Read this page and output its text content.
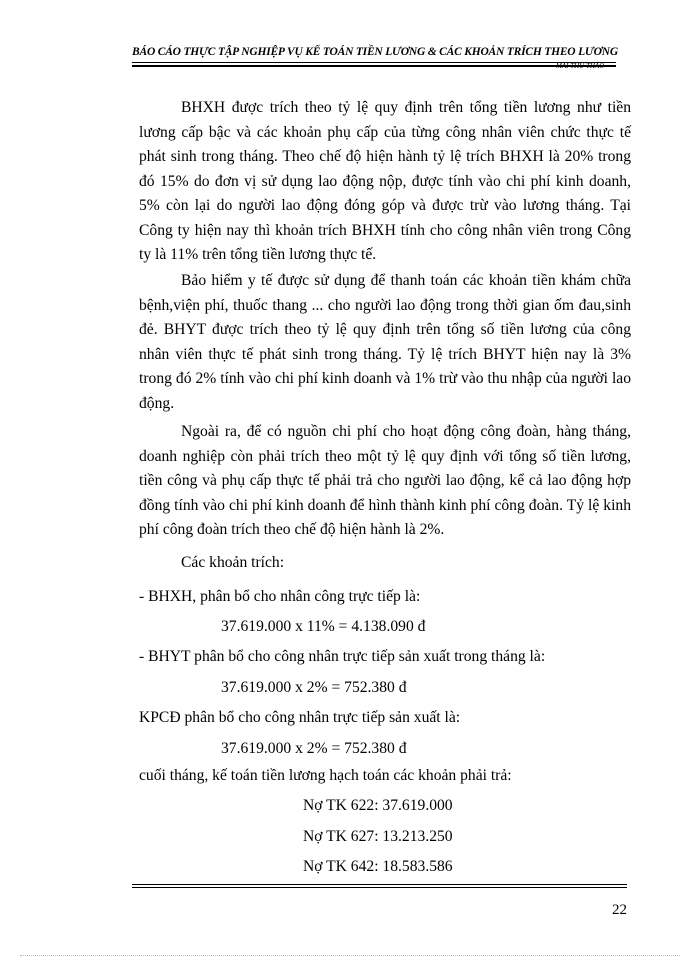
BÁO CÁO THỰC TẬP NGHIỆP VỤ KẾ TOÁN TIỀN LƯƠNG & CÁC KHOẢN TRÍCH THEO LƯƠNG
MAI THU THẢO

BHXH được trích theo tỷ lệ quy định trên tổng tiền lương như tiền lương cấp bậc và các khoản phụ cấp của từng công nhân viên chức thực tế phát sinh trong tháng. Theo chế độ hiện hành tỷ lệ trích BHXH là 20% trong đó 15% do đơn vị sử dụng lao động nộp, được tính vào chi phí kinh doanh, 5% còn lại do người lao động đóng góp và được trừ vào lương tháng. Tại Công ty hiện nay thì khoản trích BHXH tính cho công nhân viên trong Công ty là 11% trên tổng tiền lương thực tế.

Bảo hiểm y tế được sử dụng để thanh toán các khoản tiền khám chữa bệnh,viện phí, thuốc thang ... cho người lao động trong thời gian ốm đau,sinh đẻ. BHYT được trích theo tỷ lệ quy định trên tổng số tiền lương của công nhân viên thực tế phát sinh trong tháng. Tỷ lệ trích BHYT hiện nay là 3% trong đó 2% tính vào chi phí kinh doanh và 1% trừ vào thu nhập của người lao động.

Ngoài ra, để có nguồn chi phí cho hoạt động công đoàn, hàng tháng, doanh nghiệp còn phải trích theo một tỷ lệ quy định với tổng số tiền lương, tiền công và phụ cấp thực tế phải trả cho người lao động, kể cả lao động hợp đồng tính vào chi phí kinh doanh để hình thành kinh phí công đoàn. Tỷ lệ kinh phí công đoàn trích theo chế độ hiện hành là 2%.

Các khoản trích:
- BHXH, phân bổ cho nhân công trực tiếp là:
37.619.000 x 11% = 4.138.090 đ
- BHYT phân bổ cho công nhân trực tiếp sản xuất trong tháng là:
37.619.000 x 2% = 752.380 đ
KPCĐ phân bổ cho công nhân trực tiếp sản xuất là:
37.619.000 x 2% = 752.380 đ
cuối tháng, kế toán tiền lương hạch toán các khoản phải trả:
Nợ TK 622: 37.619.000
Nợ TK 627: 13.213.250
Nợ TK 642: 18.583.586
22
